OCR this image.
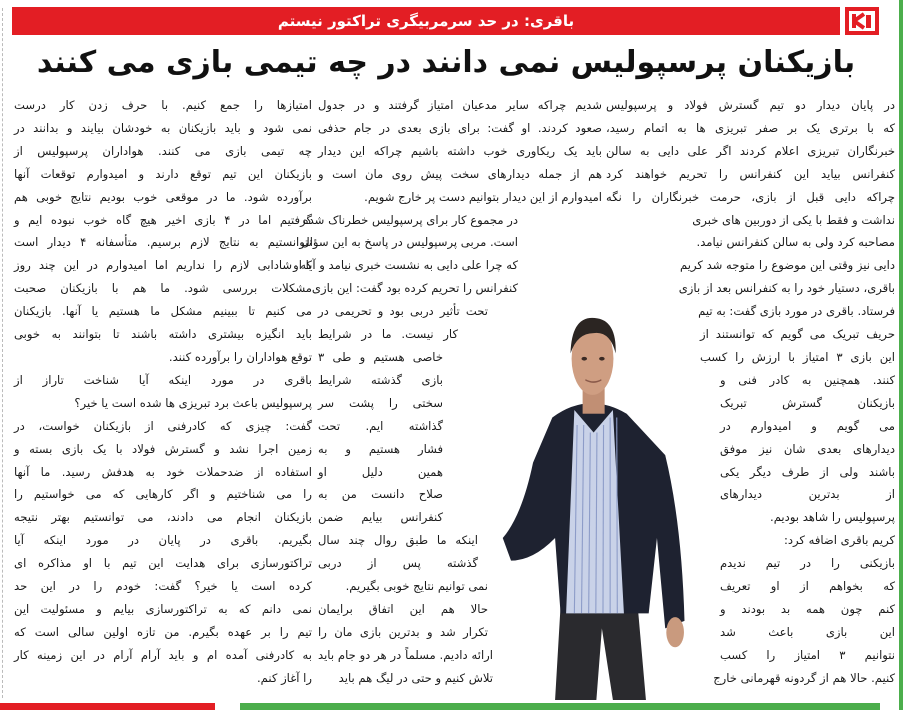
باقری: در حد سرمربیگری تراکتور نیستم
بازیکنان پرسپولیس نمی دانند در چه تیمی بازی می کنند
در پایان دیدار دو تیم گسترش فولاد و پرسپولیس
که با برتری یک بر صفر تبریزی ها به اتمام رسید،
خبرنگاران تبریزی اعلام کردند اگر علی دایی به سالن
کنفرانس بیاید این کنفرانس را تحریم خواهند کرد
چراکه دایی قبل از بازی، حرمت خبرنگاران را نگه
نداشت و فقط با یکی از دوربین های خبری
مصاحبه کرد ولی به سالن کنفرانس نیامد.
دایی نیز وقتی این موضوع را متوجه شد کریم
باقری، دستیار خود را به کنفرانس بعد از بازی
فرستاد. باقری در مورد بازی گفت: به تیم
حریف تبریک می گویم که توانستند از
این بازی ۳ امتیاز با ارزش را کسب
کنند. همچنین به کادر فنی و
بازیکنان گسترش تبریک
می گویم و امیدوارم در
دیدارهای بعدی شان نیز موفق
باشند ولی از طرف دیگر یکی
از بدترین دیدارهای
پرسپولیس را شاهد بودیم.
کریم باقری اضافه کرد:
بازیکنی را در تیم ندیدم
که بخواهم از او تعریف
کنم چون همه بد بودند و
این بازی باعث شد
نتوانیم ۳ امتیاز را کسب
کنیم. حالا هم از گردونه قهرمانی خارج
شدیم چراکه سایر مدعیان امتیاز گرفتند و در جدول
صعود کردند. او گفت: برای بازی بعدی در جام حذفی
باید یک ریکاوری خوب داشته باشیم چراکه این دیدار
هم از جمله دیدارهای سخت پیش روی مان است و
امیدوارم از این دیدار بتوانیم دست پر خارج شویم.
در مجموع کار برای پرسپولیس خطرناک شده
است. مربی پرسپولیس در پاسخ به این سؤال
که چرا علی دایی به نشست خبری نیامد و آیا او
کنفرانس را تحریم کرده بود گفت: این بازی
تحت تأثیر دربی بود و تحریمی در
کار نیست. ما در شرایط
خاصی هستیم و طی ۳
بازی گذشته شرایط
سختی را پشت سر
گذاشته ایم. تحت
فشار هستیم و به
همین دلیل او
صلاح دانست من به
کنفرانس بیایم ضمن
اینکه ما طبق روال چند سال
گذشته پس از دربی
نمی توانیم نتایج خوبی بگیریم.
حالا هم این اتفاق برایمان
تکرار شد و بدترین بازی مان را
ارائه دادیم. مسلماً در هر دو جام باید
تلاش کنیم و حتی در لیگ هم باید
امتیازها را جمع کنیم. با حرف زدن کار درست
نمی شود و باید بازیکنان به خودشان بیایند و بدانند در
چه تیمی بازی می کنند. هواداران پرسپولیس از
بازیکنان این تیم توقع دارند و امیدوارم توقعات آنها
برآورده شود. ما در موقعی خوب بودیم نتایج خوبی هم
گرفتیم اما در ۴ بازی اخیر هیچ گاه خوب نبوده ایم و
نتوانستیم به نتایج لازم برسیم. متأسفانه ۴ دیدار است
که شادابی لازم را نداریم اما امیدوارم در این چند روز
مشکلات بررسی شود. ما هم با بازیکنان صحبت
می کنیم تا ببینیم مشکل ما هستیم یا آنها. بازیکنان
باید انگیزه بیشتری داشته باشند تا بتوانند به خوبی
توقع هواداران را برآورده کنند.
باقری در مورد اینکه آیا شناخت تاراز از
پرسپولیس باعث برد تبریزی ها شده است یا خیر؟
گفت: چیزی که کادرفنی از بازیکنان خواست، در
زمین اجرا نشد و گسترش فولاد با یک بازی بسته و
استفاده از ضدحملات خود به هدفش رسید. ما آنها
را می شناختیم و اگر کارهایی که می خواستیم را
بازیکنان انجام می دادند، می توانستیم بهتر نتیجه
بگیریم. باقری در پایان در مورد اینکه آیا
تراکتورسازی برای هدایت این تیم با او مذاکره ای
کرده است یا خیر؟ گفت: خودم را در این حد
نمی دانم که به تراکتورسازی بیایم و مسئولیت این
تیم را بر عهده بگیرم. من تازه اولین سالی است که
به کادرفنی آمده ام و باید آرام آرام در این زمینه کار
را آغاز کنم.
